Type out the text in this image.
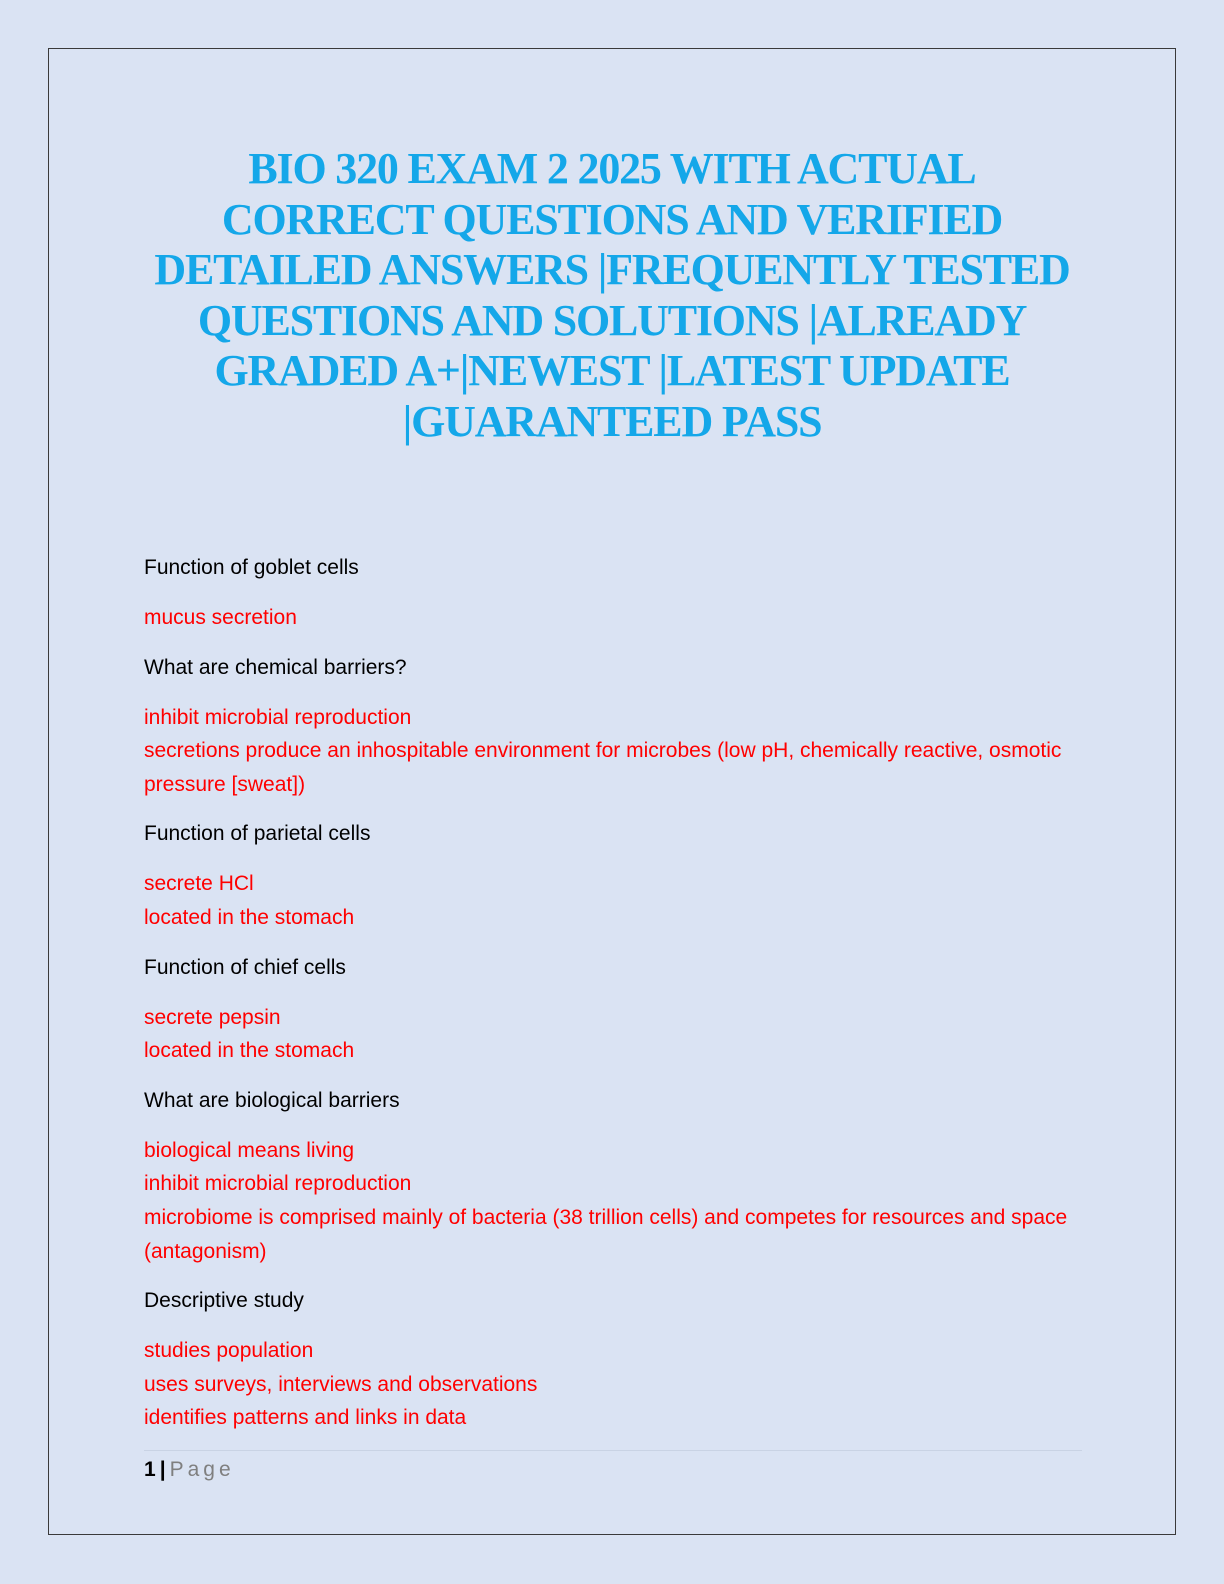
BIO 320 EXAM 2 2025 WITH ACTUAL
CORRECT QUESTIONS AND VERIFIED
DETAILED ANSWERS |FREQUENTLY TESTED
QUESTIONS AND SOLUTIONS |ALREADY
GRADED A+|NEWEST |LATEST UPDATE
|GUARANTEED PASS

Function of goblet cells

mucus secretion

What are chemical barriers?

inhibit microbial reproduction
secretions produce an inhospitable environment for microbes (low pH, chemically reactive, osmotic pressure [sweat])

Function of parietal cells

secrete HCl
located in the stomach

Function of chief cells

secrete pepsin
located in the stomach

What are biological barriers

biological means living
inhibit microbial reproduction
microbiome is comprised mainly of bacteria (38 trillion cells) and competes for resources and space (antagonism)

Descriptive study

studies population
uses surveys, interviews and observations
identifies patterns and links in data

1 | Page
